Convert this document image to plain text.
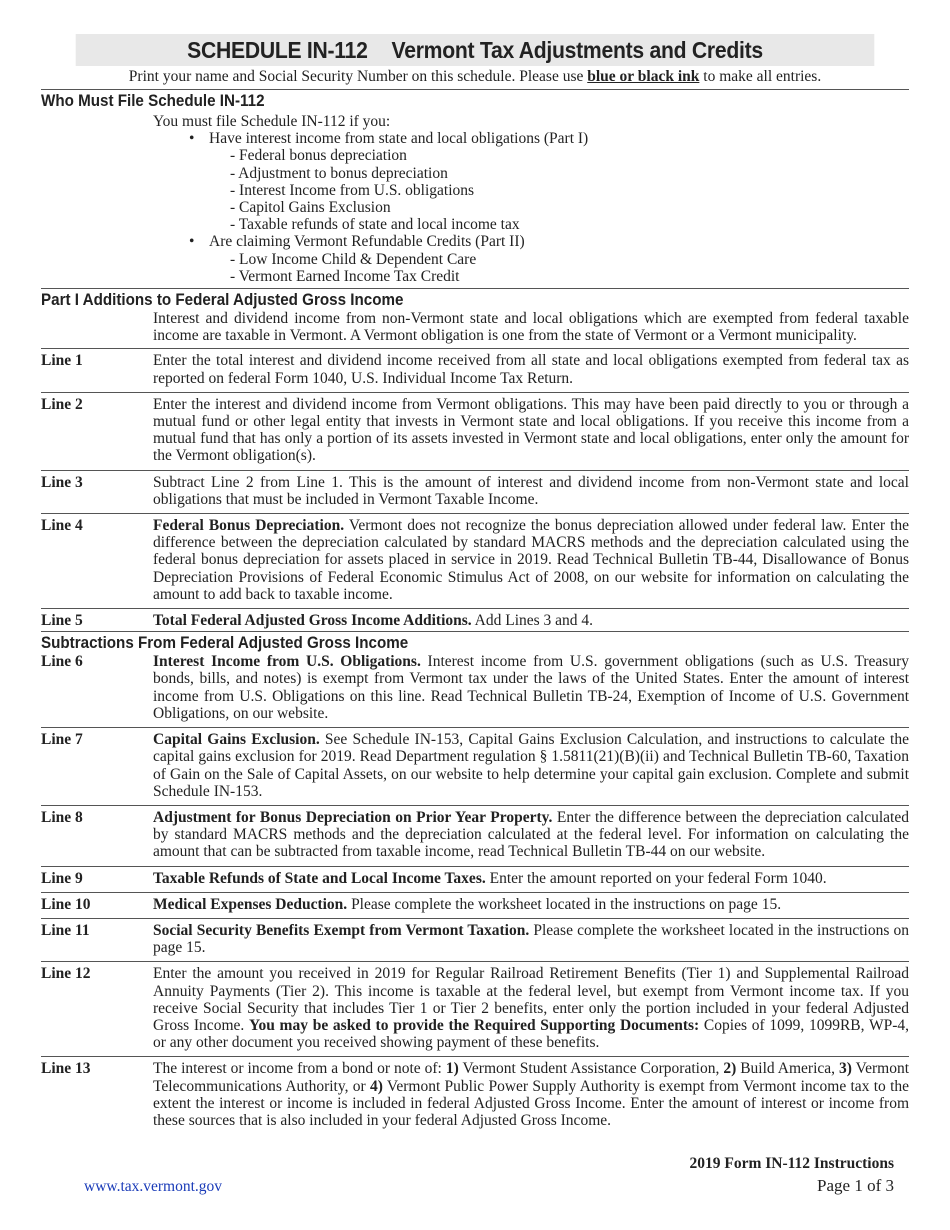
SCHEDULE IN-112 Vermont Tax Adjustments and Credits
Print your name and Social Security Number on this schedule. Please use blue or black ink to make all entries.
Who Must File Schedule IN-112
You must file Schedule IN-112 if you:
• Have interest income from state and local obligations (Part I)
- Federal bonus depreciation
- Adjustment to bonus depreciation
- Interest Income from U.S. obligations
- Capitol Gains Exclusion
- Taxable refunds of state and local income tax
• Are claiming Vermont Refundable Credits (Part II)
- Low Income Child & Dependent Care
- Vermont Earned Income Tax Credit
Part I Additions to Federal Adjusted Gross Income
Interest and dividend income from non-Vermont state and local obligations which are exempted from federal taxable income are taxable in Vermont. A Vermont obligation is one from the state of Vermont or a Vermont municipality.
Line 1	Enter the total interest and dividend income received from all state and local obligations exempted from federal tax as reported on federal Form 1040, U.S. Individual Income Tax Return.
Line 2	Enter the interest and dividend income from Vermont obligations. This may have been paid directly to you or through a mutual fund or other legal entity that invests in Vermont state and local obligations. If you receive this income from a mutual fund that has only a portion of its assets invested in Vermont state and local obligations, enter only the amount for the Vermont obligation(s).
Line 3	Subtract Line 2 from Line 1. This is the amount of interest and dividend income from non-Vermont state and local obligations that must be included in Vermont Taxable Income.
Line 4	Federal Bonus Depreciation. Vermont does not recognize the bonus depreciation allowed under federal law. Enter the difference between the depreciation calculated by standard MACRS methods and the depreciation calculated using the federal bonus depreciation for assets placed in service in 2019. Read Technical Bulletin TB-44, Disallowance of Bonus Depreciation Provisions of Federal Economic Stimulus Act of 2008, on our website for information on calculating the amount to add back to taxable income.
Line 5	Total Federal Adjusted Gross Income Additions. Add Lines 3 and 4.
Subtractions From Federal Adjusted Gross Income
Line 6	Interest Income from U.S. Obligations. Interest income from U.S. government obligations (such as U.S. Treasury bonds, bills, and notes) is exempt from Vermont tax under the laws of the United States. Enter the amount of interest income from U.S. Obligations on this line. Read Technical Bulletin TB-24, Exemption of Income of U.S. Government Obligations, on our website.
Line 7	Capital Gains Exclusion. See Schedule IN-153, Capital Gains Exclusion Calculation, and instructions to calculate the capital gains exclusion for 2019. Read Department regulation § 1.5811(21)(B)(ii) and Technical Bulletin TB-60, Taxation of Gain on the Sale of Capital Assets, on our website to help determine your capital gain exclusion. Complete and submit Schedule IN-153.
Line 8	Adjustment for Bonus Depreciation on Prior Year Property. Enter the difference between the depreciation calculated by standard MACRS methods and the depreciation calculated at the federal level. For information on calculating the amount that can be subtracted from taxable income, read Technical Bulletin TB-44 on our website.
Line 9	Taxable Refunds of State and Local Income Taxes. Enter the amount reported on your federal Form 1040.
Line 10	Medical Expenses Deduction. Please complete the worksheet located in the instructions on page 15.
Line 11	Social Security Benefits Exempt from Vermont Taxation. Please complete the worksheet located in the instructions on page 15.
Line 12	Enter the amount you received in 2019 for Regular Railroad Retirement Benefits (Tier 1) and Supplemental Railroad Annuity Payments (Tier 2). This income is taxable at the federal level, but exempt from Vermont income tax. If you receive Social Security that includes Tier 1 or Tier 2 benefits, enter only the portion included in your federal Adjusted Gross Income. You may be asked to provide the Required Supporting Documents: Copies of 1099, 1099RB, WP-4, or any other document you received showing payment of these benefits.
Line 13	The interest or income from a bond or note of: 1) Vermont Student Assistance Corporation, 2) Build America, 3) Vermont Telecommunications Authority, or 4) Vermont Public Power Supply Authority is exempt from Vermont income tax to the extent the interest or income is included in federal Adjusted Gross Income. Enter the amount of interest or income from these sources that is also included in your federal Adjusted Gross Income.
2019 Form IN-112 Instructions
Page 1 of 3
www.tax.vermont.gov
